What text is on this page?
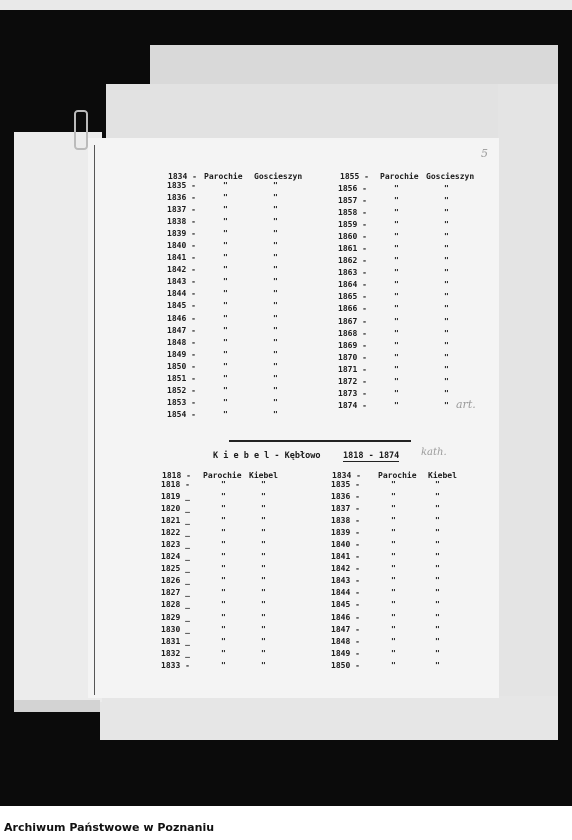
5
1834 - Parochie Goscieszyn	1855 - Parochie Goscieszyn
1835 -	"	"
1836 -	"	"
1837 -	"	"
1838 -	"	"
1839 -	"	"
1840 -	"	"
1841 -	"	"
1842 -	"	"
1843 -	"	"
1844 -	"	"
1845 -	"	"
1846 -	"	"
1847 -	"	"
1848 -	"	"
1849 -	"	"
1850 -	"	"
1851 -	"	"
1852 -	"	"
1853 -	"	"
1854 -	"	"
1856 -	"	"
1857 -	"	"
1858 -	"	"
1859 -	"	"
1860 -	"	"
1861 -	"	"
1862 -	"	"
1863 -	"	"
1864 -	"	"
1865 -	"	"
1866 -	"	"
1867 -	"	"
1868 -	"	"
1869 -	"	"
1870 -	"	"
1871 -	"	"
1872 -	"	"
1873 -	"	"
1874 -	"	" art.
K i e b e l - Kębłowo	1818 - 1874 kath.
1818 - Parochie Kiebel	1834 - Parochie Kiebel
1818 -	"	"
1819 _	"	"
1820 _	"	"
1821 _	"	"
1822 _	"	"
1823 _	"	"
1824 _	"	"
1825 _	"	"
1826 _	"	"
1827 _	"	"
1828 _	"	"
1829 _	"	"
1830 _	"	"
1831 _	"	"
1832 _	"	"
1833 -	"	"
1835 -	"	"
1836 -	"	"
1837 -	"	"
1838 -	"	"
1839 -	"	"
1840 -	"	"
1841 -	"	"
1842 -	"	"
1843 -	"	"
1844 -	"	"
1845 -	"	"
1846 -	"	"
1847 -	"	"
1848 -	"	"
1849 -	"	"
1850 -	"	"
Archiwum Państwowe w Poznaniu
